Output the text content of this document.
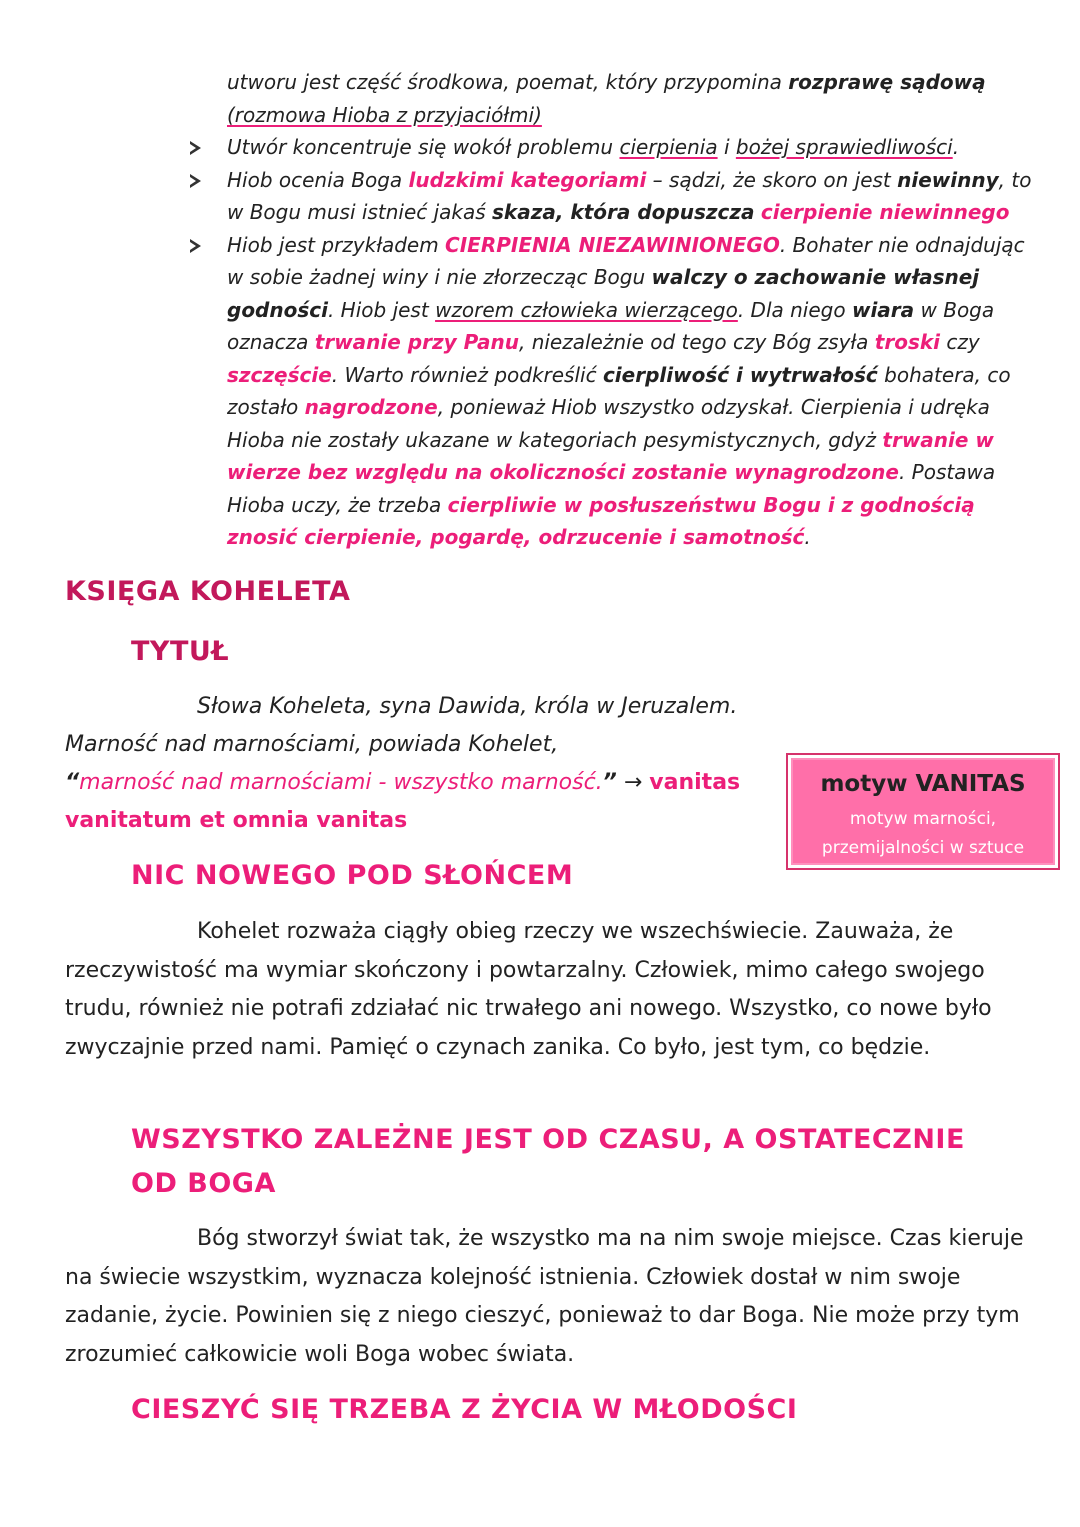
utworu jest część środkowa, poemat, który przypomina rozprawę sądową
(rozmowa Hioba z przyjaciółmi)
Utwór koncentruje się wokół problemu cierpienia i bożej sprawiedliwości.
Hiob ocenia Boga ludzkimi kategoriami – sądzi, że skoro on jest niewinny, to w Bogu musi istnieć jakaś skaza, która dopuszcza cierpienie niewinnego
Hiob jest przykładem CIERPIENIA NIEZAWINIONEGO. Bohater nie odnajdując w sobie żadnej winy i nie złorzecząc Bogu walczy o zachowanie własnej godności. Hiob jest wzorem człowieka wierzącego. Dla niego wiara w Boga oznacza trwanie przy Panu, niezależnie od tego czy Bóg zsyła troski czy szczęście. Warto również podkreślić cierpliwość i wytrwałość bohatera, co zostało nagrodzone, ponieważ Hiob wszystko odzyskał. Cierpienia i udręka Hioba nie zostały ukazane w kategoriach pesymistycznych, gdyż trwanie w wierze bez względu na okoliczności zostanie wynagrodzone. Postawa Hioba uczy, że trzeba cierpliwie w posłuszeństwu Bogu i z godnością znosić cierpienie, pogardę, odrzucenie i samotność.
KSIĘGA KOHELETA
TYTUŁ
Słowa Koheleta, syna Dawida, króla w Jeruzalem.
Marność nad marnościami, powiada Kohelet,
“marność nad marnościami - wszystko marność.” → vanitas vanitatum et omnia vanitas
motyw VANITAS
motyw marności,
przemijalności w sztuce
NIC NOWEGO POD SŁOŃCEM

Kohelet rozważa ciągły obieg rzeczy we wszechświecie. Zauważa, że rzeczywistość ma wymiar skończony i powtarzalny. Człowiek, mimo całego swojego trudu, również nie potrafi zdziałać nic trwałego ani nowego. Wszystko, co nowe było zwyczajnie przed nami. Pamięć o czynach zanika. Co było, jest tym, co będzie.

WSZYSTKO ZALEŻNE JEST OD CZASU, A OSTATECZNIE
OD BOGA

Bóg stworzył świat tak, że wszystko ma na nim swoje miejsce. Czas kieruje na świecie wszystkim, wyznacza kolejność istnienia. Człowiek dostał w nim swoje zadanie, życie. Powinien się z niego cieszyć, ponieważ to dar Boga. Nie może przy tym zrozumieć całkowicie woli Boga wobec świata.

CIESZYĆ SIĘ TRZEBA Z ŻYCIA W MŁODOŚCI
